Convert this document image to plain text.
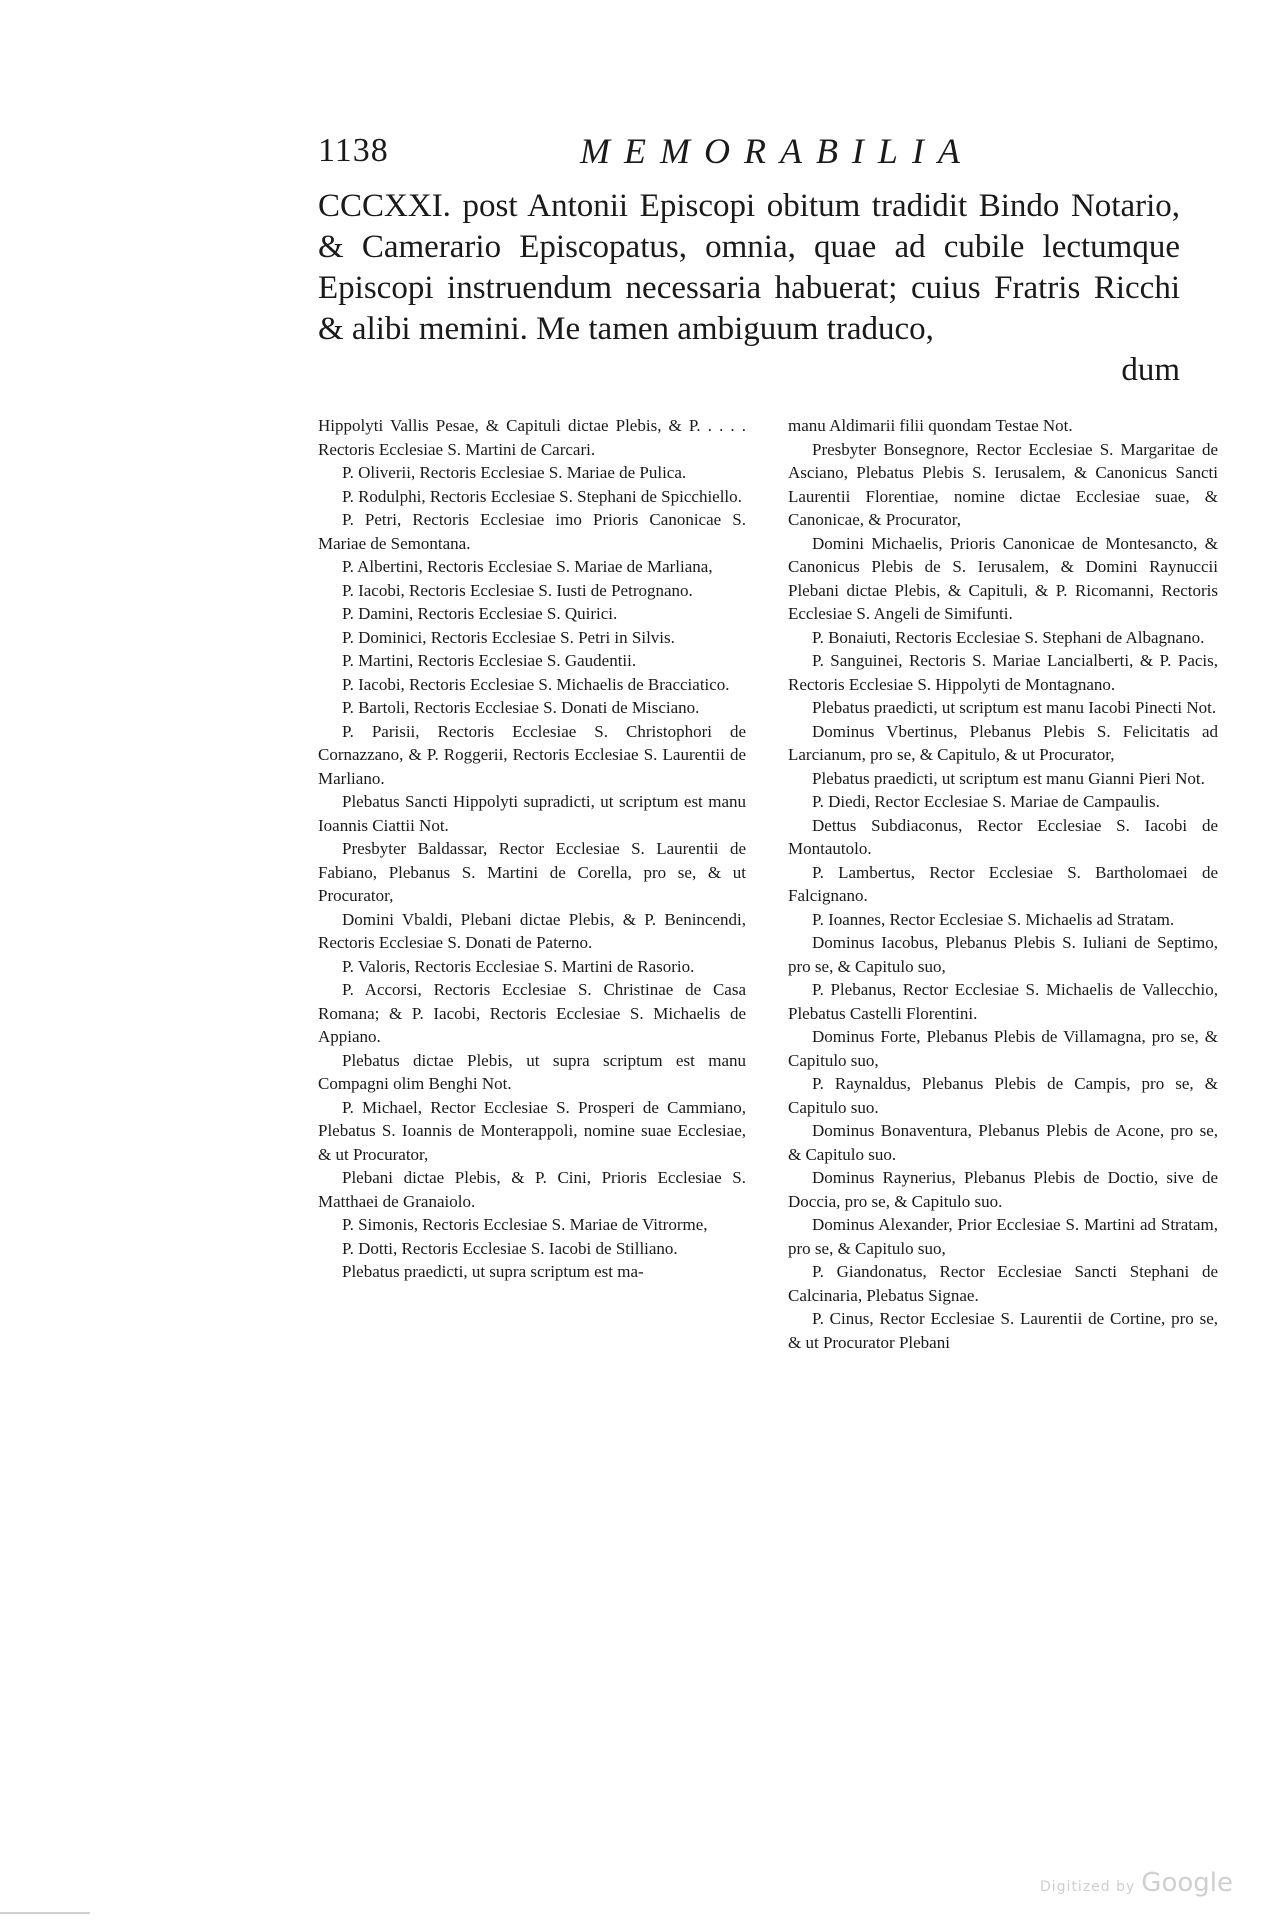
1138	MEMORABILIA

CCCXXI. post Antonii Episcopi obitum tradidit Bindo Notario, & Camerario Episcopatus, omnia, quae ad cubile lectumque Episcopi instruendum necessaria habuerat; cuius Fratris Ricchi & alibi memini. Me tamen ambiguum traduco,

dum

Hippolyti Vallis Pesae, & Capituli dictae Plebis, & P. . . . . Rectoris Ecclesiae S. Martini de Carcari.

P. Oliverii, Rectoris Ecclesiae S. Mariae de Pulica.

P. Rodulphi, Rectoris Ecclesiae S. Stephani de Spicchiello.

P. Petri, Rectoris Ecclesiae imo Prioris Canonicae S. Mariae de Semontana.

P. Albertini, Rectoris Ecclesiae S. Mariae de Marliana,

P. Iacobi, Rectoris Ecclesiae S. Iusti de Petrognano.

P. Damini, Rectoris Ecclesiae S. Quirici.

P. Dominici, Rectoris Ecclesiae S. Petri in Silvis.

P. Martini, Rectoris Ecclesiae S. Gaudentii.

P. Iacobi, Rectoris Ecclesiae S. Michaelis de Bracciatico.

P. Bartoli, Rectoris Ecclesiae S. Donati de Misciano.

P. Parisii, Rectoris Ecclesiae S. Christophori de Cornazzano, & P. Roggerii, Rectoris Ecclesiae S. Laurentii de Marliano.

Plebatus Sancti Hippolyti supradicti, ut scriptum est manu Ioannis Ciattii Not.

Presbyter Baldassar, Rector Ecclesiae S. Laurentii de Fabiano, Plebanus S. Martini de Corella, pro se, & ut Procurator,

Domini Vbaldi, Plebani dictae Plebis, & P. Benincendi, Rectoris Ecclesiae S. Donati de Paterno.

P. Valoris, Rectoris Ecclesiae S. Martini de Rasorio.

P. Accorsi, Rectoris Ecclesiae S. Christinae de Casa Romana; & P. Iacobi, Rectoris Ecclesiae S. Michaelis de Appiano.

Plebatus dictae Plebis, ut supra scriptum est manu Compagni olim Benghi Not.

P. Michael, Rector Ecclesiae S. Prosperi de Cammiano, Plebatus S. Ioannis de Monterappoli, nomine suae Ecclesiae, & ut Procurator,

Plebani dictae Plebis, & P. Cini, Prioris Ecclesiae S. Matthaei de Granaiolo.

P. Simonis, Rectoris Ecclesiae S. Mariae de Vitrorme,

P. Dotti, Rectoris Ecclesiae S. Iacobi de Stilliano.

Plebatus praedicti, ut supra scriptum est ma-

manu Aldimarii filii quondam Testae Not.

Presbyter Bonsegnore, Rector Ecclesiae S. Margaritae de Asciano, Plebatus Plebis S. Ierusalem, & Canonicus Sancti Laurentii Florentiae, nomine dictae Ecclesiae suae, & Canonicae, & Procurator,

Domini Michaelis, Prioris Canonicae de Montesancto, & Canonicus Plebis de S. Ierusalem, & Domini Raynuccii Plebani dictae Plebis, & Capituli, & P. Ricomanni, Rectoris Ecclesiae S. Angeli de Simifunti.

P. Bonaiuti, Rectoris Ecclesiae S. Stephani de Albagnano.

P. Sanguinei, Rectoris S. Mariae Lancialberti, & P. Pacis, Rectoris Ecclesiae S. Hippolyti de Montagnano.

Plebatus praedicti, ut scriptum est manu Iacobi Pinecti Not.

Dominus Vbertinus, Plebanus Plebis S. Felicitatis ad Larcianum, pro se, & Capitulo, & ut Procurator,

Plebatus praedicti, ut scriptum est manu Gianni Pieri Not.

P. Diedi, Rector Ecclesiae S. Mariae de Campaulis.

Dettus Subdiaconus, Rector Ecclesiae S. Iacobi de Montautolo.

P. Lambertus, Rector Ecclesiae S. Bartholomaei de Falcignano.

P. Ioannes, Rector Ecclesiae S. Michaelis ad Stratam.

Dominus Iacobus, Plebanus Plebis S. Iuliani de Septimo, pro se, & Capitulo suo,

P. Plebanus, Rector Ecclesiae S. Michaelis de Vallecchio, Plebatus Castelli Florentini.

Dominus Forte, Plebanus Plebis de Villamagna, pro se, & Capitulo suo,

P. Raynaldus, Plebanus Plebis de Campis, pro se, & Capitulo suo.

Dominus Bonaventura, Plebanus Plebis de Acone, pro se, & Capitulo suo.

Dominus Raynerius, Plebanus Plebis de Doctio, sive de Doccia, pro se, & Capitulo suo.

Dominus Alexander, Prior Ecclesiae S. Martini ad Stratam, pro se, & Capitulo suo,

P. Giandonatus, Rector Ecclesiae Sancti Stephani de Calcinaria, Plebatus Signae.

P. Cinus, Rector Ecclesiae S. Laurentii de Cortine, pro se, & ut Procurator Plebani

Digitized by Google
